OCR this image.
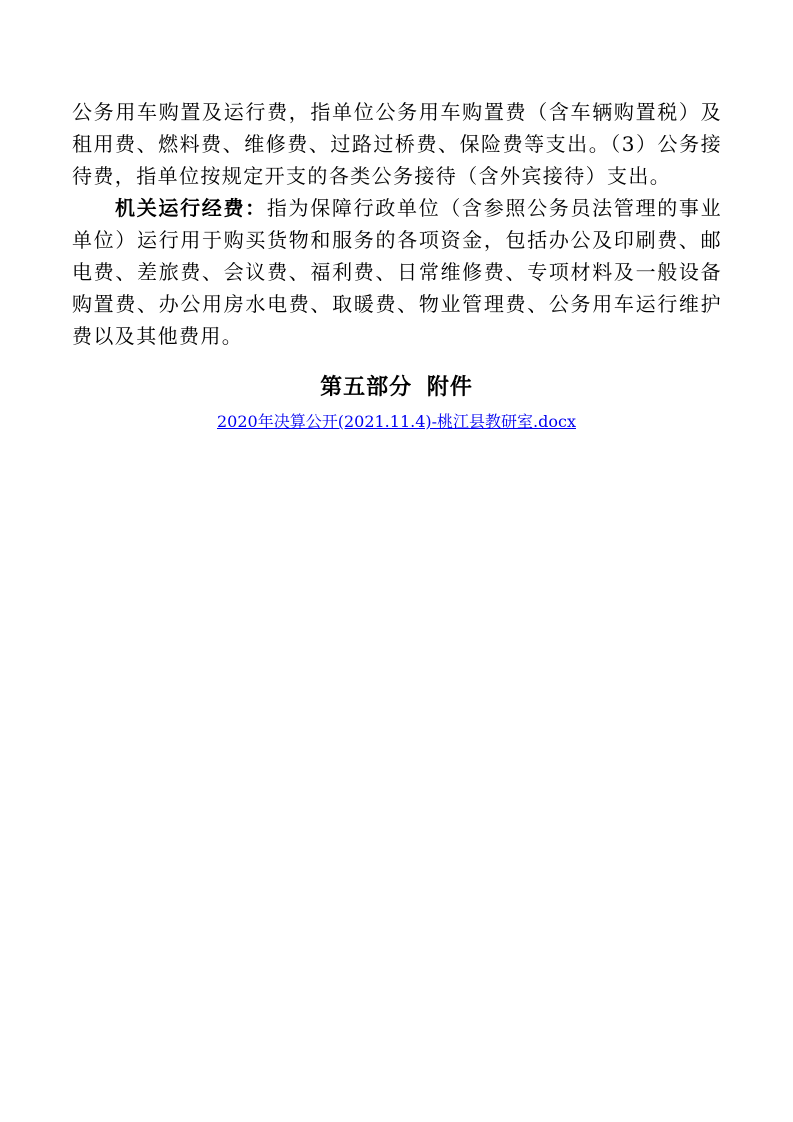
公务用车购置及运行费，指单位公务用车购置费（含车辆购置税）及租用费、燃料费、维修费、过路过桥费、保险费等支出。（3）公务接待费，指单位按规定开支的各类公务接待（含外宾接待）支出。

机关运行经费：指为保障行政单位（含参照公务员法管理的事业单位）运行用于购买货物和服务的各项资金，包括办公及印刷费、邮电费、差旅费、会议费、福利费、日常维修费、专项材料及一般设备购置费、办公用房水电费、取暖费、物业管理费、公务用车运行维护费以及其他费用。

第五部分 附件
2020年决算公开(2021.11.4)-桃江县教研室.docx
